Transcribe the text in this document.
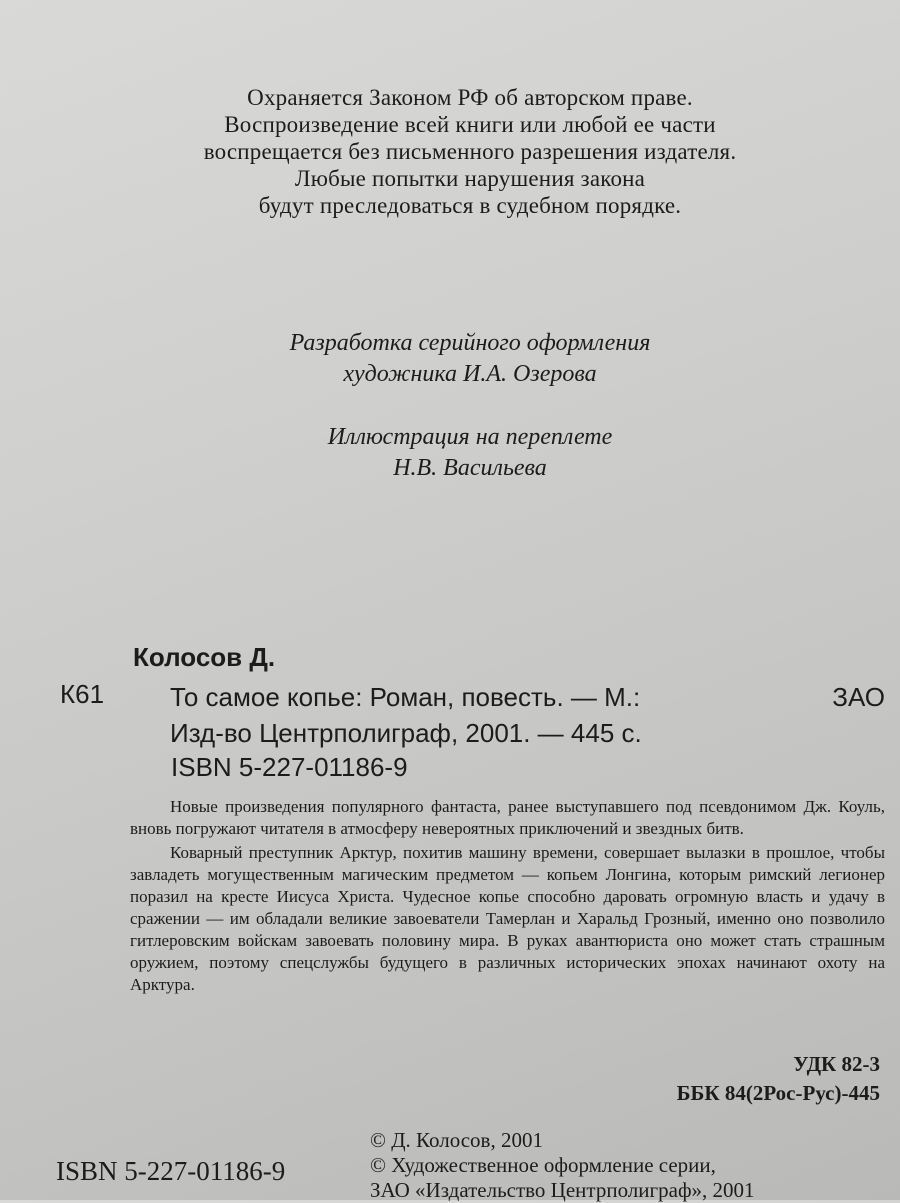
Охраняется Законом РФ об авторском праве.
Воспроизведение всей книги или любой ее части
воспрещается без письменного разрешения издателя.
Любые попытки нарушения закона
будут преследоваться в судебном порядке.
Разработка серийного оформления
художника И.А. Озерова
Иллюстрация на переплете
Н.В. Васильева
Колосов Д.
К61	То самое копье: Роман, повесть. — М.:	ЗАО
Изд-во Центрполиграф, 2001. — 445 с.
ISBN 5-227-01186-9

Новые произведения популярного фантаста, ранее выступавшего под псевдонимом Дж. Коуль, вновь погружают читателя в атмосферу невероятных приключений и звездных битв.

Коварный преступник Арктур, похитив машину времени, совершает вылазки в прошлое, чтобы завладеть могущественным магическим предметом — копьем Лонгина, которым римский легионер поразил на кресте Иисуса Христа. Чудесное копье способно даровать огромную власть и удачу в сражении — им обладали великие завоеватели Тамерлан и Харальд Грозный, именно оно позволило гитлеровским войскам завоевать половину мира. В руках авантюриста оно может стать страшным оружием, поэтому спецслужбы будущего в различных исторических эпохах начинают охоту на Арктура.

УДК 82-3
ББК 84(2Рос-Рус)-445
© Д. Колосов, 2001
© Художественное оформление серии,
ЗАО «Издательство Центрполиграф», 2001
ISBN 5-227-01186-9
